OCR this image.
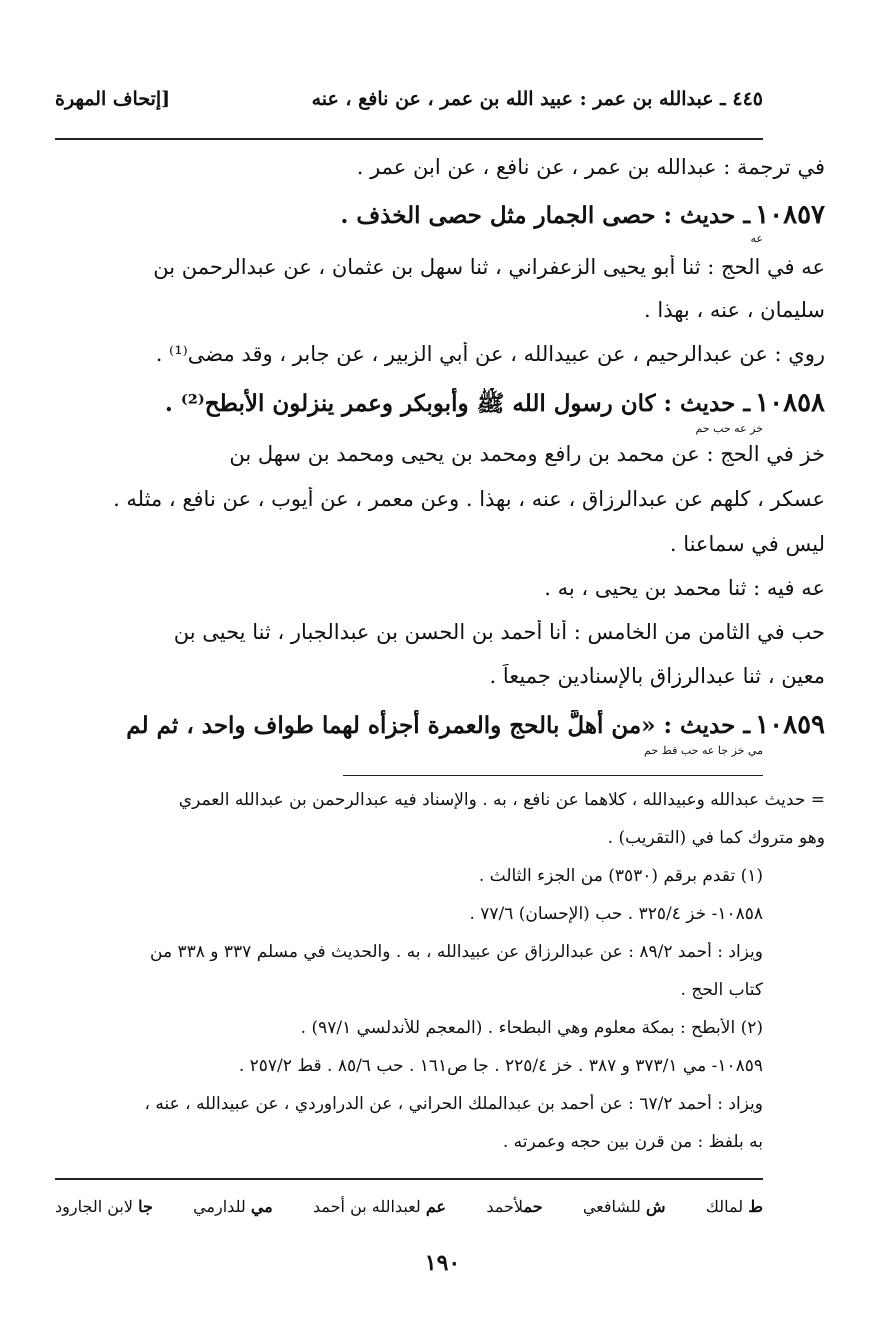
٤٤٥ ـ عبدالله بن عمر : عبيد الله بن عمر ، عن نافع ، عنه
[إتحاف المهرة
في ترجمة : عبدالله بن عمر ، عن نافع ، عن ابن عمر .
١٠٨٥٧ ـ حديث : حصى الجمار مثل حصى الخذف .
عه
عه في الحج : ثنا أبو يحيى الزعفراني ، ثنا سهل بن عثمان ، عن عبدالرحمن بن
سليمان ، عنه ، بهذا .
روي : عن عبدالرحيم ، عن عبيدالله ، عن أبي الزبير ، عن جابر ، وقد مضى⁽¹⁾ .
١٠٨٥٨ ـ حديث : كان رسول الله ﷺ وأبوبكر وعمر ينزلون الأبطح⁽²⁾ .
خز عه حب حم
خز في الحج : عن محمد بن رافع ومحمد بن يحيى ومحمد بن سهل بن
عسكر ، كلهم عن عبدالرزاق ، عنه ، بهذا . وعن معمر ، عن أيوب ، عن نافع ، مثله .
ليس في سماعنا .
عه فيه : ثنا محمد بن يحيى ، به .
حب في الثامن من الخامس : أنا أحمد بن الحسن بن عبدالجبار ، ثنا يحيى بن
معين ، ثنا عبدالرزاق بالإسنادين جميعاً .
١٠٨٥٩ ـ حديث : «من أهلَّ بالحج والعمرة أجزأه لهما طواف واحد ، ثم لم
مي خز جا عه حب قط حم
= حديث عبدالله وعبيدالله ، كلاهما عن نافع ، به . والإسناد فيه عبدالرحمن بن عبدالله العمري
وهو متروك كما في (التقريب) .
(١) تقدم برقم (٣٥٣٠) من الجزء الثالث .
١٠٨٥٨- خز ٣٢٥/٤ . حب (الإحسان) ٧٧/٦ .
ويزاد : أحمد ٨٩/٢ : عن عبدالرزاق عن عبيدالله ، به . والحديث في مسلم ٣٣٧ و ٣٣٨ من
كتاب الحج .
(٢) الأبطح : بمكة معلوم وهي البطحاء . (المعجم للأندلسي ٩٧/١) .
١٠٨٥٩- مي ٣٧٣/١ و ٣٨٧ . خز ٢٢٥/٤ . جا ص١٦١ . حب ٨٥/٦ . قط ٢٥٧/٢ .
ويزاد : أحمد ٦٧/٢ : عن أحمد بن عبدالملك الحراني ، عن الدراوردي ، عن عبيدالله ، عنه ،
به بلفظ : من قرن بين حجه وعمرته .
ط لمالك
ش للشافعي
حملأحمد
عم لعبدالله بن أحمد
مي للدارمي
جا لابن الجارود
١٩٠
